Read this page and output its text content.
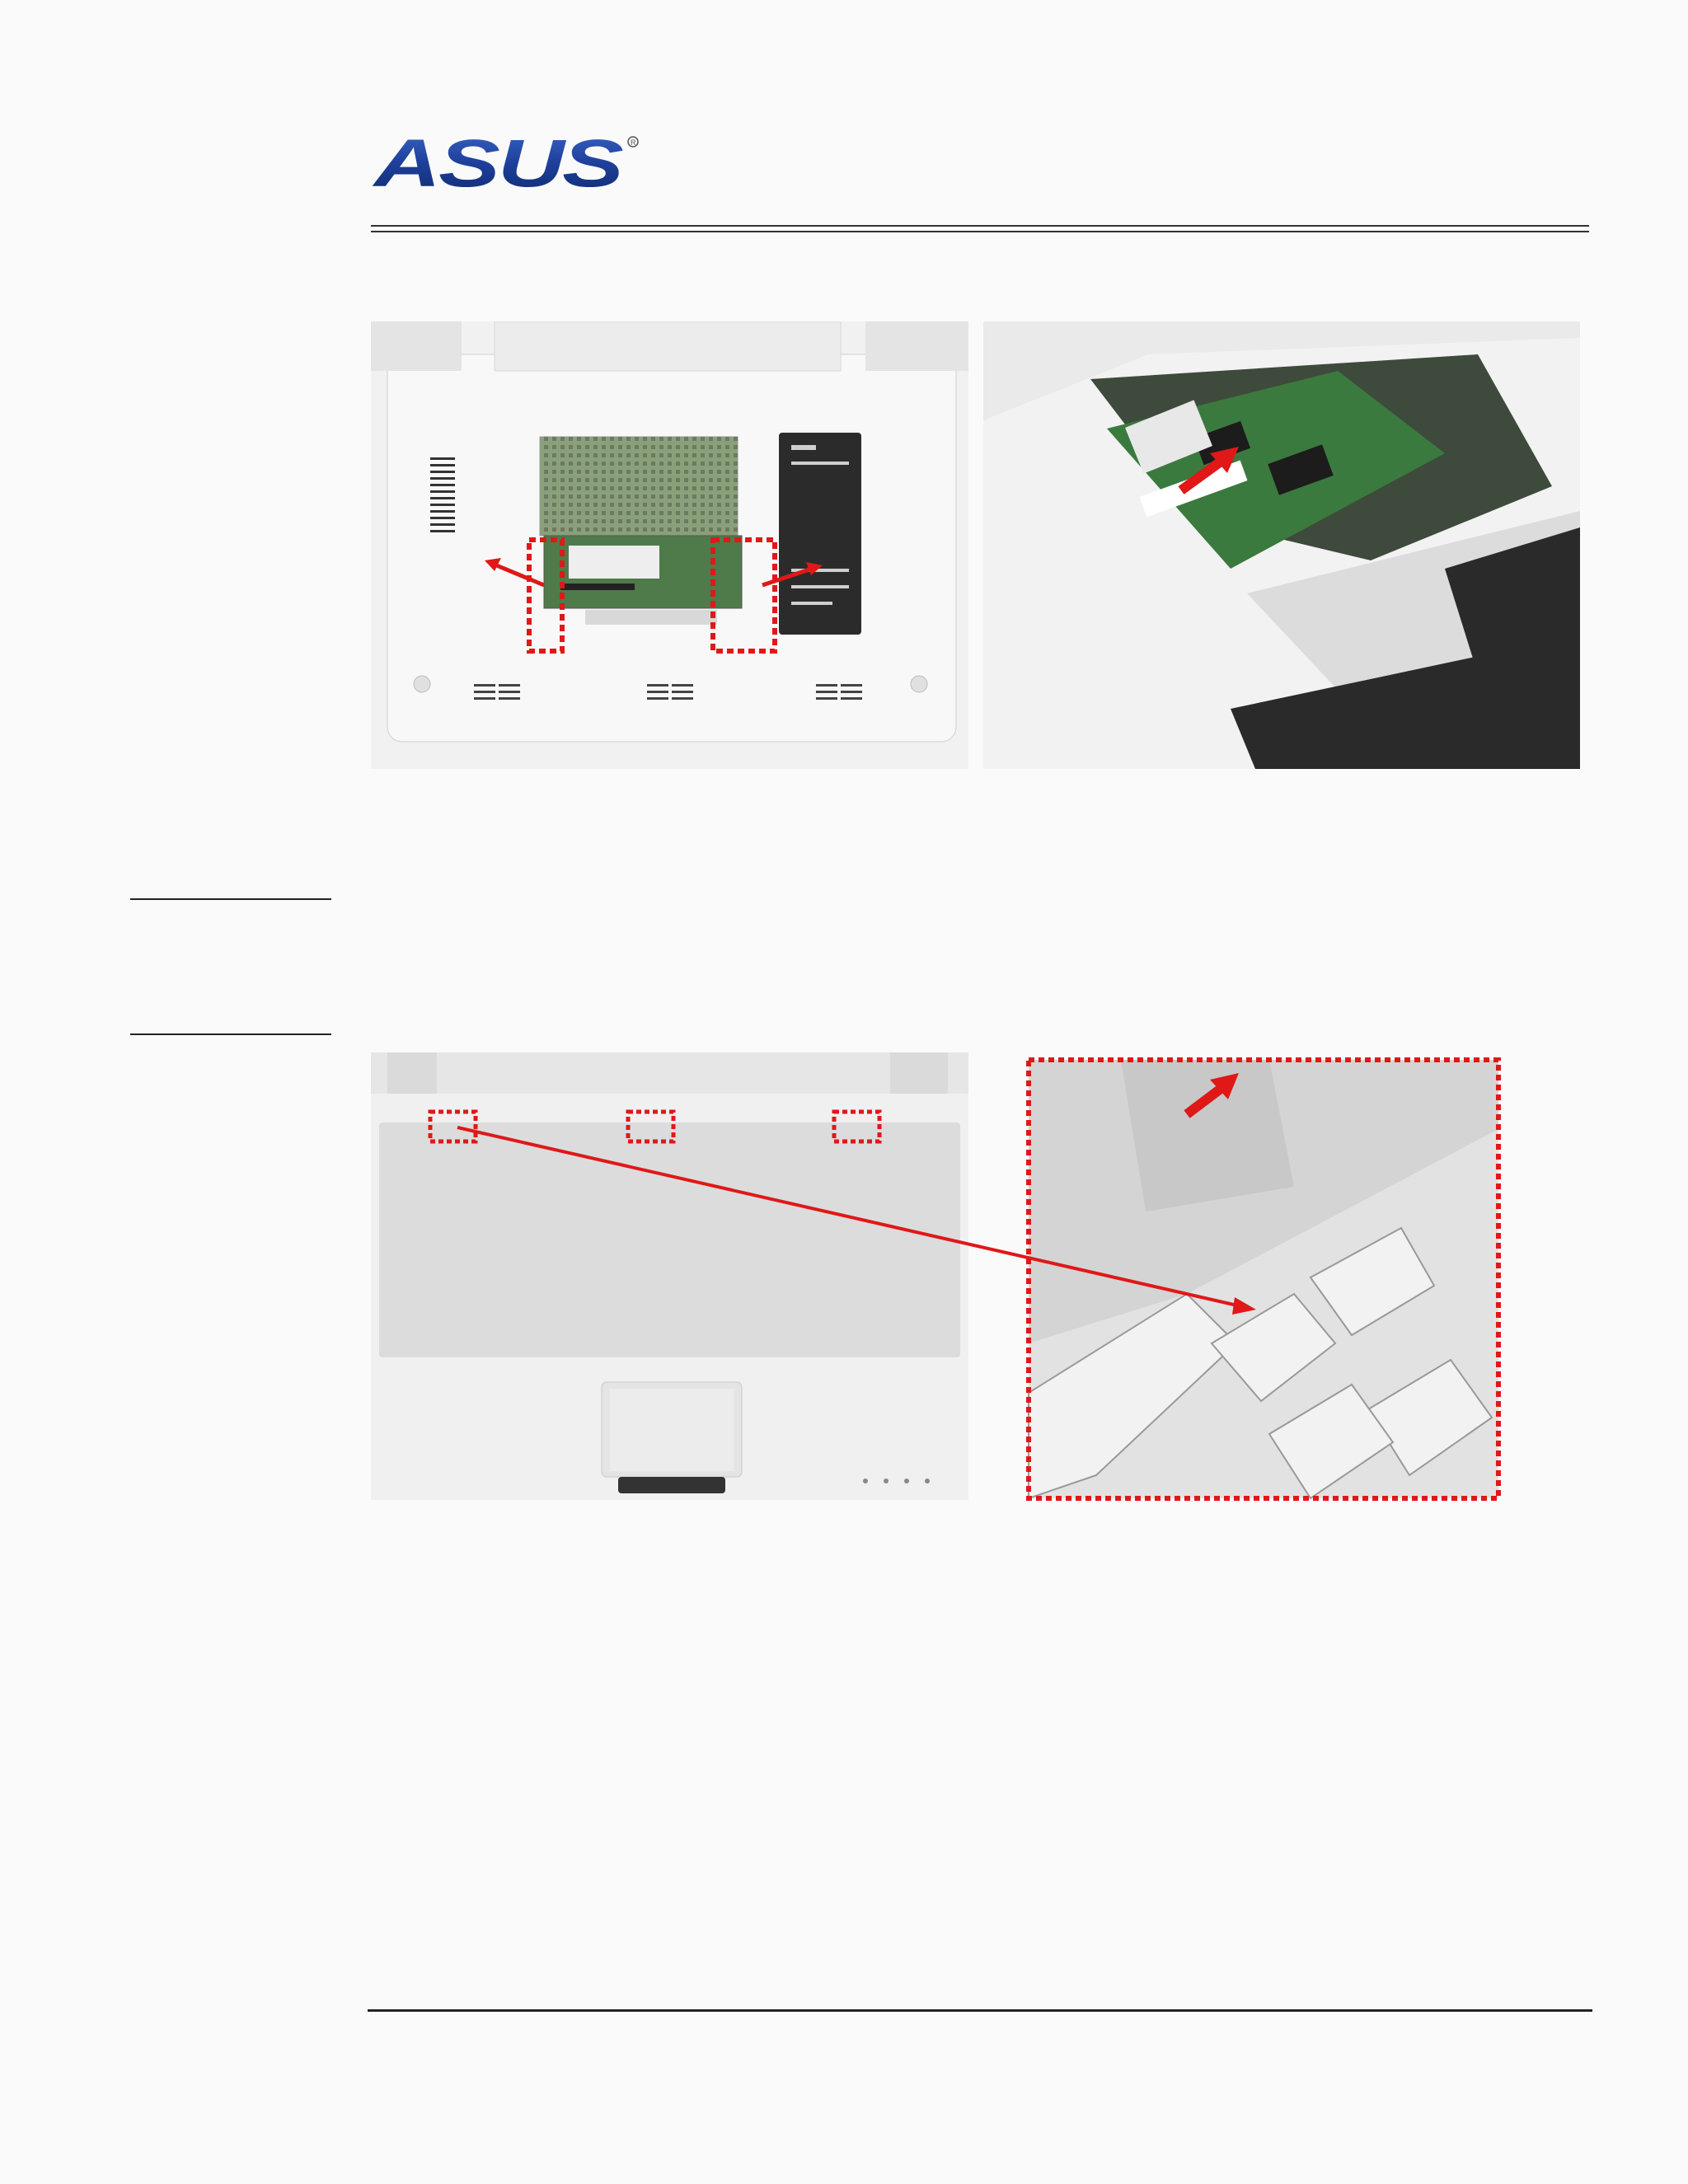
ASUS R
